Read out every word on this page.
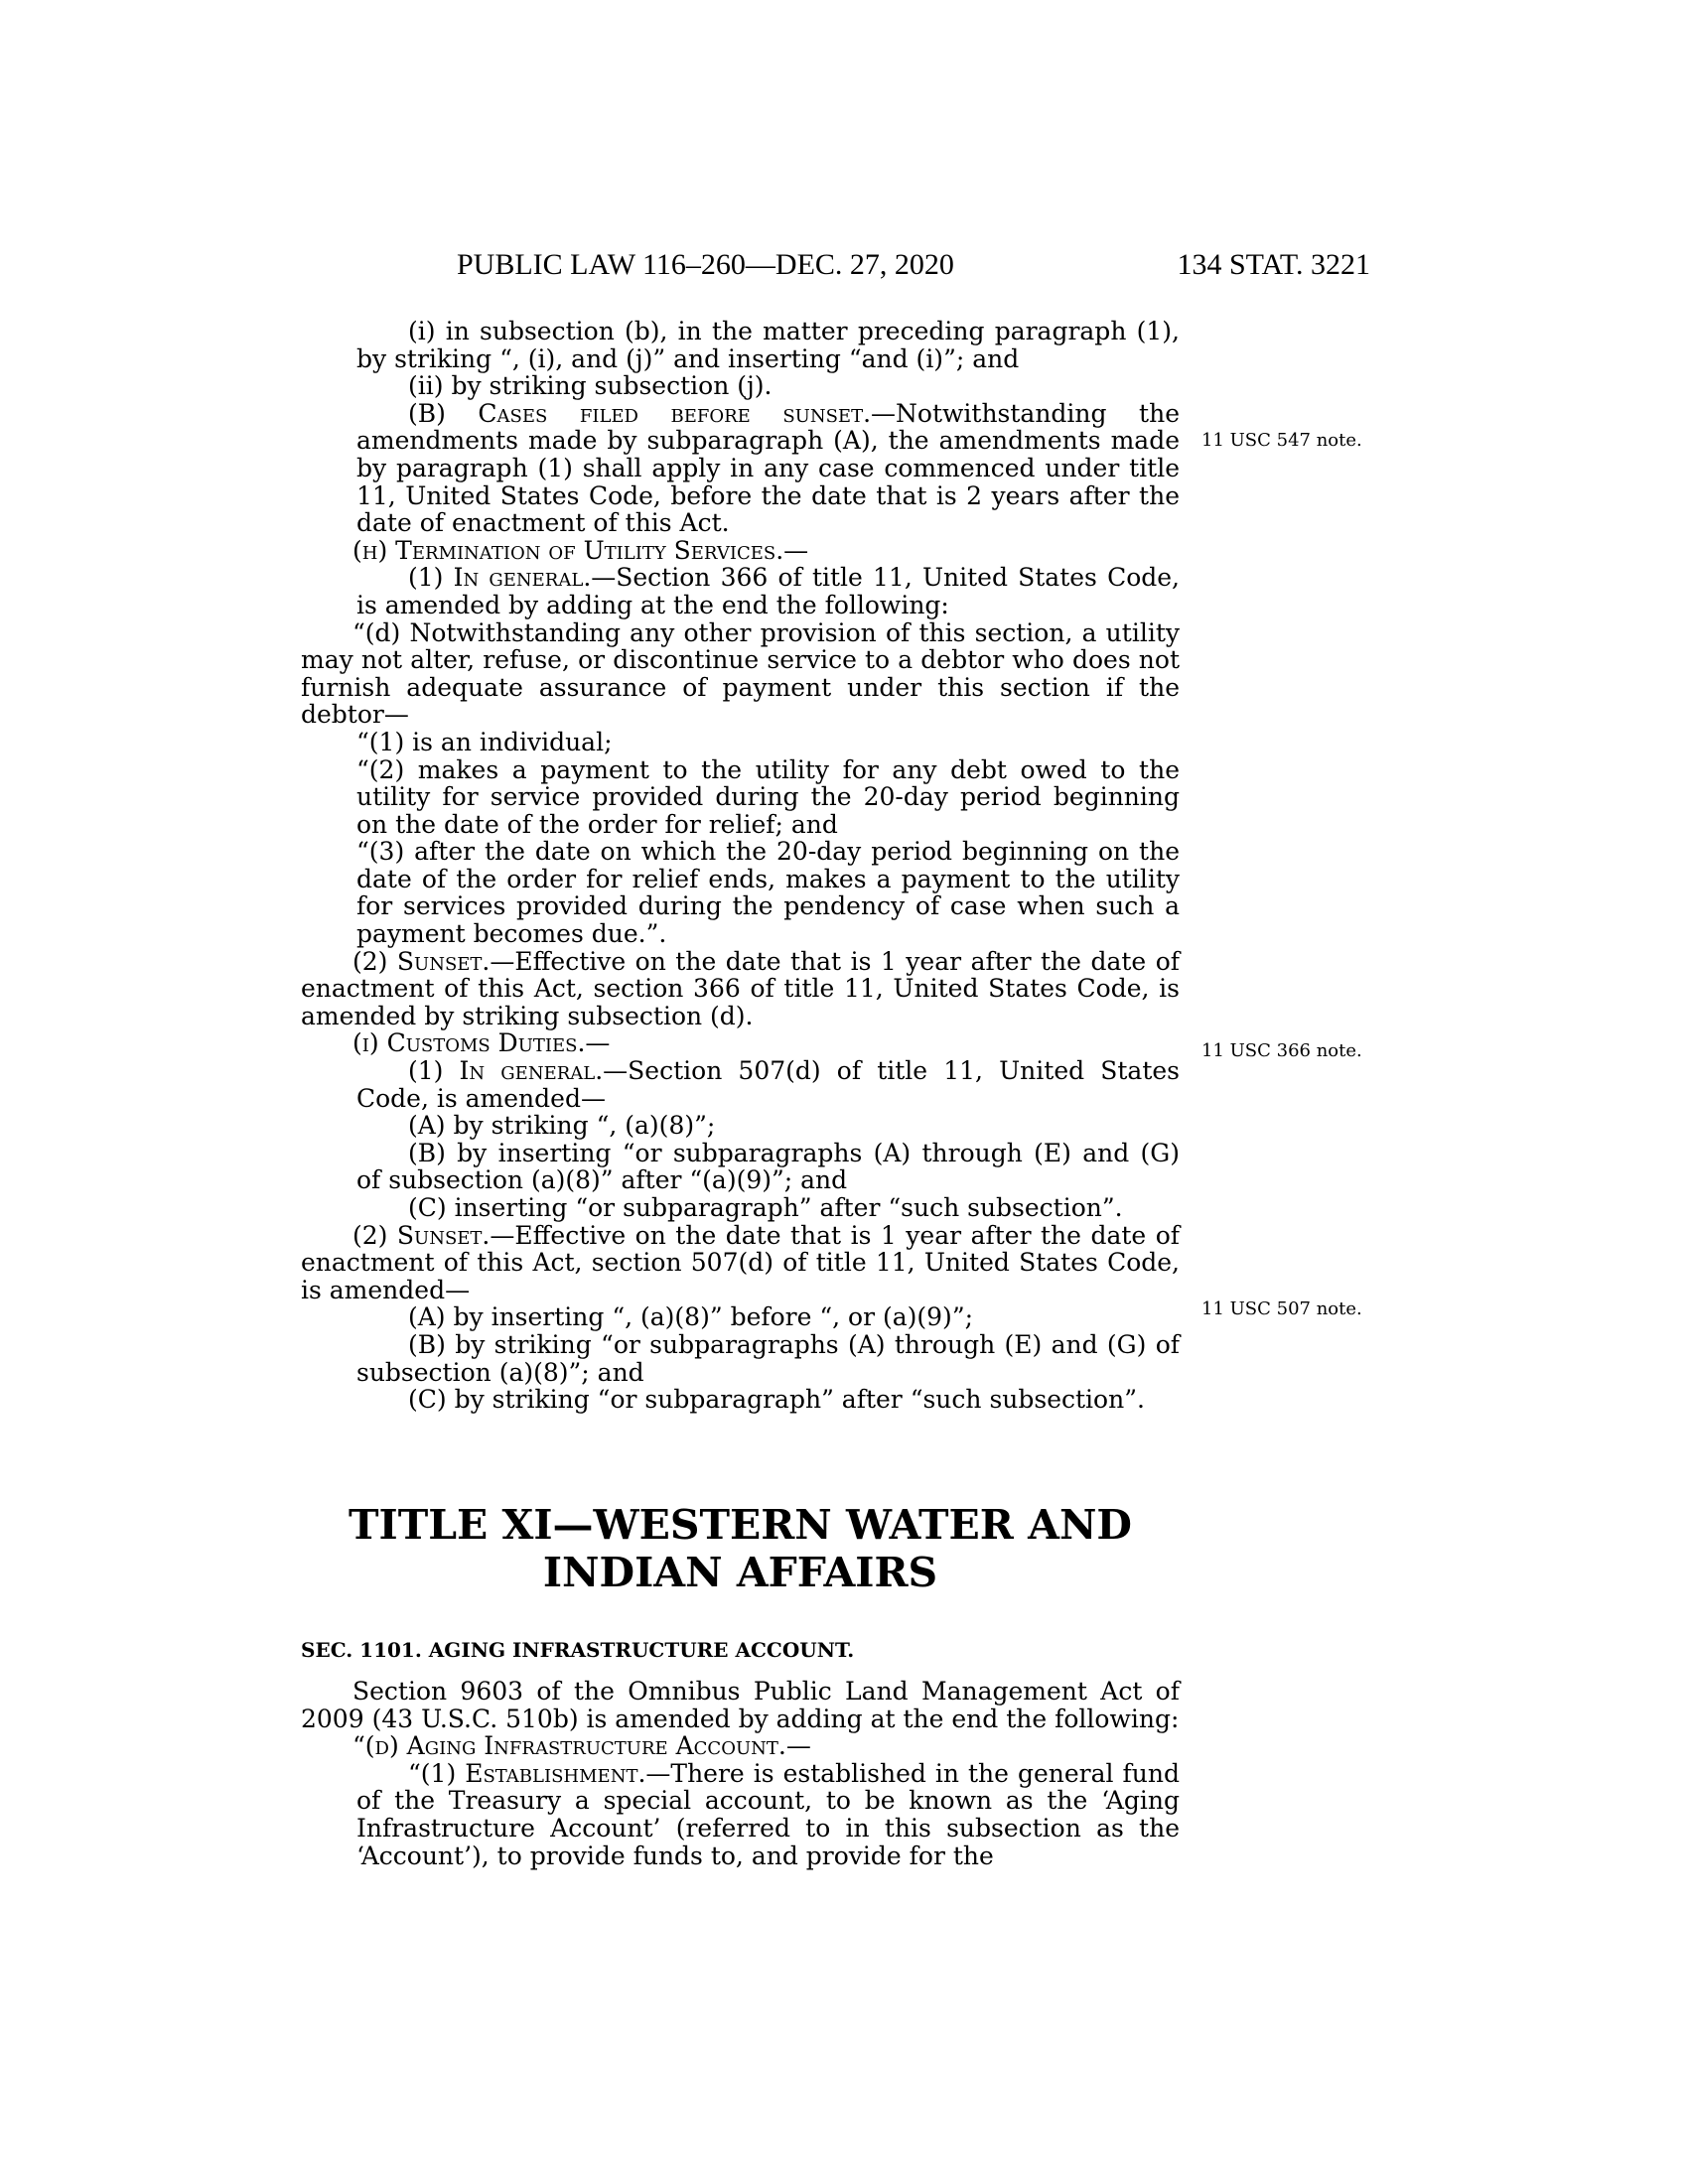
PUBLIC LAW 116–260—DEC. 27, 2020	134 STAT. 3221
11 USC 547 note.
11 USC 366 note.
11 USC 507 note.

(i) in subsection (b), in the matter preceding paragraph (1), by striking “, (i), and (j)” and inserting “and (i)”; and

(ii) by striking subsection (j).

(B) Cases filed before sunset.—Notwithstanding the amendments made by subparagraph (A), the amendments made by paragraph (1) shall apply in any case commenced under title 11, United States Code, before the date that is 2 years after the date of enactment of this Act.

(h) Termination of Utility Services.—

(1) In general.—Section 366 of title 11, United States Code, is amended by adding at the end the following:

“(d) Notwithstanding any other provision of this section, a utility may not alter, refuse, or discontinue service to a debtor who does not furnish adequate assurance of payment under this section if the debtor—

“(1) is an individual;

“(2) makes a payment to the utility for any debt owed to the utility for service provided during the 20-day period beginning on the date of the order for relief; and

“(3) after the date on which the 20-day period beginning on the date of the order for relief ends, makes a payment to the utility for services provided during the pendency of case when such a payment becomes due.”.

(2) Sunset.—Effective on the date that is 1 year after the date of enactment of this Act, section 366 of title 11, United States Code, is amended by striking subsection (d).

(i) Customs Duties.—

(1) In general.—Section 507(d) of title 11, United States Code, is amended—

(A) by striking “, (a)(8)”;

(B) by inserting “or subparagraphs (A) through (E) and (G) of subsection (a)(8)” after “(a)(9)”; and

(C) inserting “or subparagraph” after “such subsection”.

(2) Sunset.—Effective on the date that is 1 year after the date of enactment of this Act, section 507(d) of title 11, United States Code, is amended—

(A) by inserting “, (a)(8)” before “, or (a)(9)”;

(B) by striking “or subparagraphs (A) through (E) and (G) of subsection (a)(8)”; and

(C) by striking “or subparagraph” after “such subsection”.

TITLE XI—WESTERN WATER AND
INDIAN AFFAIRS
SEC. 1101. AGING INFRASTRUCTURE ACCOUNT.

Section 9603 of the Omnibus Public Land Management Act of 2009 (43 U.S.C. 510b) is amended by adding at the end the following:

“(d) Aging Infrastructure Account.—

“(1) Establishment.—There is established in the general fund of the Treasury a special account, to be known as the ‘Aging Infrastructure Account’ (referred to in this subsection as the ‘Account’), to provide funds to, and provide for the
